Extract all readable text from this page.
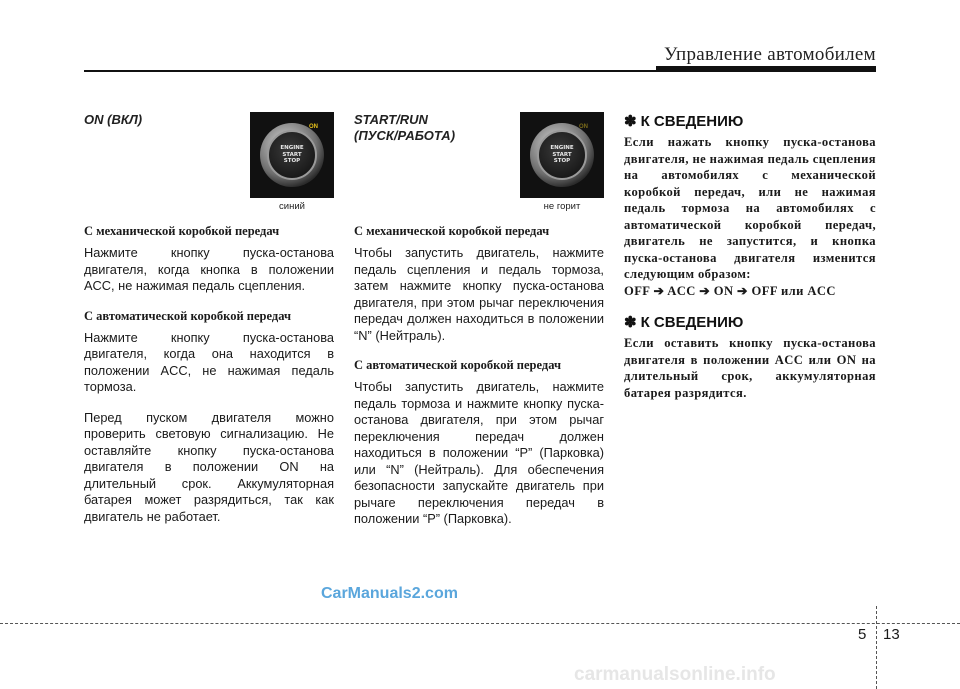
Управление автомобилем
ON (ВКЛ)	ON
ENGINE
START
STOP
синий
С механической коробкой передач
Нажмите кнопку пуска-останова двигателя, когда кнопка в положении ACC, не нажимая педаль сцепления.
С автоматической коробкой передач
Нажмите кнопку пуска-останова двигателя, когда она находится в положении ACC, не нажимая педаль тормоза.
Перед пуском двигателя можно проверить световую сигнализацию. Не оставляйте кнопку пуска-останова двигателя в положении ON на длительный срок. Аккумуляторная батарея может разрядиться, так как двигатель не работает.
START/RUN
(ПУСК/РАБОТА)
ON
ENGINE
START
STOP
не горит
С механической коробкой передач
Чтобы запустить двигатель, нажмите педаль сцепления и педаль тормоза, затем нажмите кнопку пуска-останова двигателя, при этом рычаг переключения передач должен находиться в положении “N” (Нейтраль).
С автоматической коробкой передач
Чтобы запустить двигатель, нажмите педаль тормоза и нажмите кнопку пуска-останова двигателя, при этом рычаг переключения передач должен находиться в положении “P” (Парковка) или “N” (Нейтраль). Для обеспечения безопасности запускайте двигатель при рычаге переключения передач в положении “P” (Парковка).
✽ К СВЕДЕНИЮ
Если нажать кнопку пуска-останова двигателя, не нажимая педаль сцепления на автомобилях с механической коробкой передач, или не нажимая педаль тормоза на автомобилях с автоматической коробкой передач, двигатель не запустится, и кнопка пуска-останова двигателя изменится следующим образом:
OFF ➔ ACC ➔ ON ➔ OFF или ACC
✽ К СВЕДЕНИЮ
Если оставить кнопку пуска-останова двигателя в положении ACC или ON на длительный срок, аккумуляторная батарея разрядится.
CarManuals2.com
5 13
carmanualsonline.info
